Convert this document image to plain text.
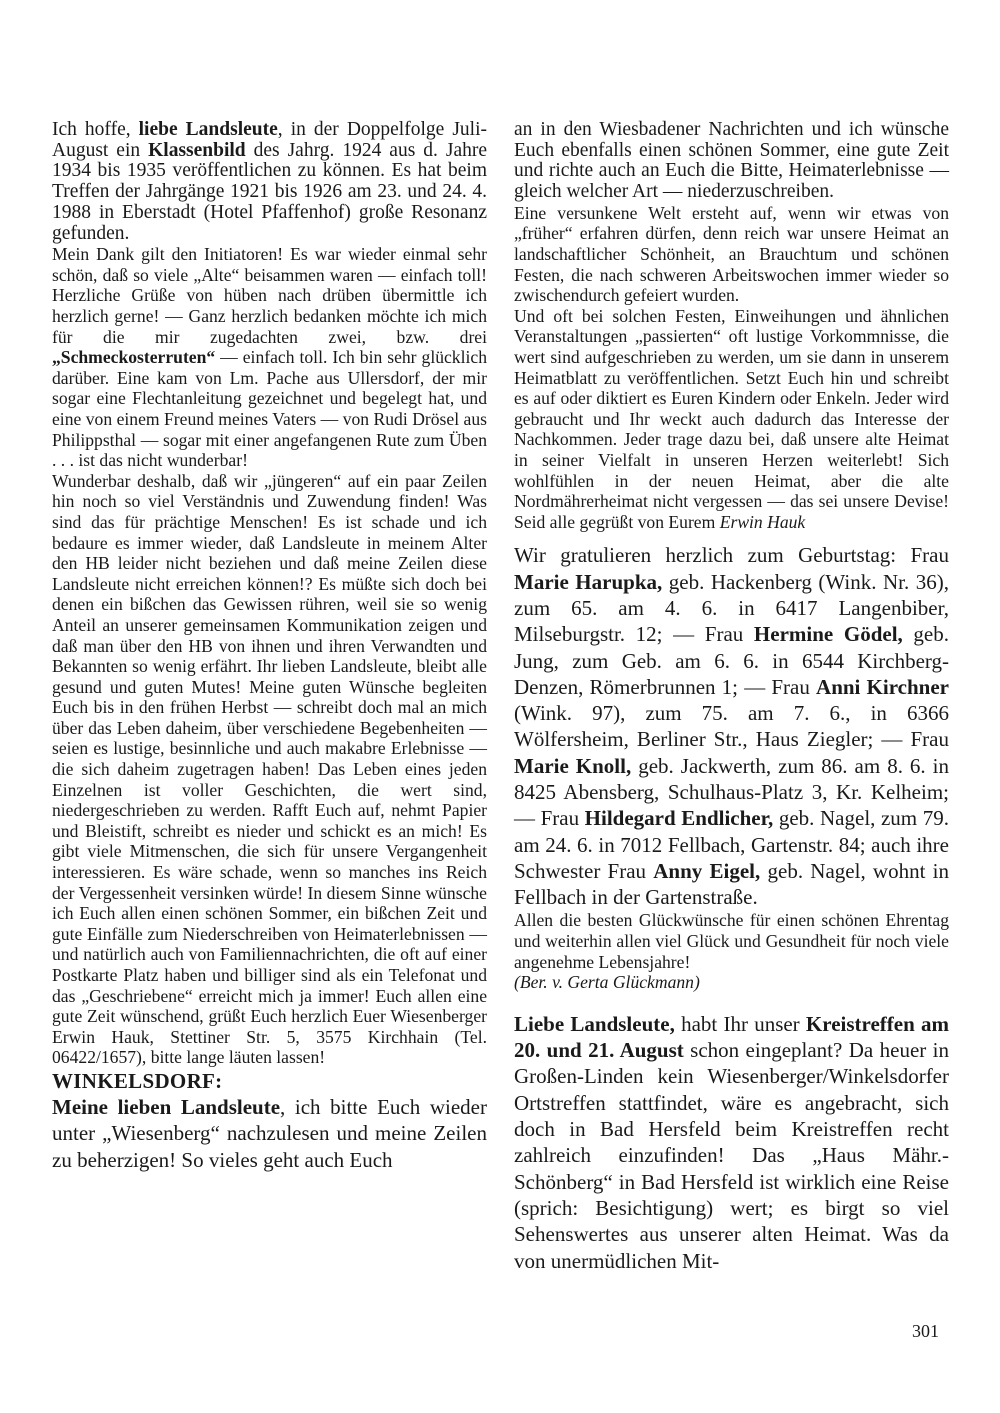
Ich hoffe, liebe Landsleute, in der Doppelfolge Juli-August ein Klassenbild des Jahrg. 1924 aus d. Jahre 1934 bis 1935 veröffentlichen zu können. Es hat beim Treffen der Jahrgänge 1921 bis 1926 am 23. und 24. 4. 1988 in Eberstadt (Hotel Pfaffenhof) große Resonanz gefunden.

Mein Dank gilt den Initiatoren! Es war wieder einmal sehr schön, daß so viele „Alte“ beisammen waren — einfach toll! Herzliche Grüße von hüben nach drüben übermittle ich herzlich gerne! — Ganz herzlich bedanken möchte ich mich für die mir zugedachten zwei, bzw. drei „Schmeckosterruten“ — einfach toll. Ich bin sehr glücklich darüber. Eine kam von Lm. Pache aus Ullersdorf, der mir sogar eine Flechtanleitung gezeichnet und begelegt hat, und eine von einem Freund meines Vaters — von Rudi Drösel aus Philippsthal — sogar mit einer angefangenen Rute zum Üben . . . ist das nicht wunderbar!

Wunderbar deshalb, daß wir „jüngeren“ auf ein paar Zeilen hin noch so viel Verständnis und Zuwendung finden! Was sind das für prächtige Menschen! Es ist schade und ich bedaure es immer wieder, daß Landsleute in meinem Alter den HB leider nicht beziehen und daß meine Zeilen diese Landsleute nicht erreichen können!? Es müßte sich doch bei denen ein bißchen das Gewissen rühren, weil sie so wenig Anteil an unserer gemeinsamen Kommunikation zeigen und daß man über den HB von ihnen und ihren Verwandten und Bekannten so wenig erfährt. Ihr lieben Landsleute, bleibt alle gesund und guten Mutes! Meine guten Wünsche begleiten Euch bis in den frühen Herbst — schreibt doch mal an mich über das Leben daheim, über verschiedene Begebenheiten — seien es lustige, besinnliche und auch makabre Erlebnisse — die sich daheim zugetragen haben! Das Leben eines jeden Einzelnen ist voller Geschichten, die wert sind, niedergeschrieben zu werden. Rafft Euch auf, nehmt Papier und Bleistift, schreibt es nieder und schickt es an mich! Es gibt viele Mitmenschen, die sich für unsere Vergangenheit interessieren. Es wäre schade, wenn so manches ins Reich der Vergessenheit versinken würde! In diesem Sinne wünsche ich Euch allen einen schönen Sommer, ein bißchen Zeit und gute Einfälle zum Niederschreiben von Heimaterlebnissen — und natürlich auch von Familiennachrichten, die oft auf einer Postkarte Platz haben und billiger sind als ein Telefonat und das „Geschriebene“ erreicht mich ja immer! Euch allen eine gute Zeit wünschend, grüßt Euch herzlich Euer Wiesenberger Erwin Hauk, Stettiner Str. 5, 3575 Kirchhain (Tel. 06422/1657), bitte lange läuten lassen!

WINKELSDORF:

Meine lieben Landsleute, ich bitte Euch wieder unter „Wiesenberg“ nachzulesen und meine Zeilen zu beherzigen! So vieles geht auch Euch

an in den Wiesbadener Nachrichten und ich wünsche Euch ebenfalls einen schönen Sommer, eine gute Zeit und richte auch an Euch die Bitte, Heimaterlebnisse — gleich welcher Art — niederzuschreiben.

Eine versunkene Welt ersteht auf, wenn wir etwas von „früher“ erfahren dürfen, denn reich war unsere Heimat an landschaftlicher Schönheit, an Brauchtum und schönen Festen, die nach schweren Arbeitswochen immer wieder so zwischendurch gefeiert wurden.

Und oft bei solchen Festen, Einweihungen und ähnlichen Veranstaltungen „passierten“ oft lustige Vorkommnisse, die wert sind aufgeschrieben zu werden, um sie dann in unserem Heimatblatt zu veröffentlichen. Setzt Euch hin und schreibt es auf oder diktiert es Euren Kindern oder Enkeln. Jeder wird gebraucht und Ihr weckt auch dadurch das Interesse der Nachkommen. Jeder trage dazu bei, daß unsere alte Heimat in seiner Vielfalt in unseren Herzen weiterlebt! Sich wohlfühlen in der neuen Heimat, aber die alte Nordmährerheimat nicht vergessen — das sei unsere Devise! Seid alle gegrüßt von Eurem Erwin Hauk

Wir gratulieren herzlich zum Geburtstag: Frau Marie Harupka, geb. Hackenberg (Wink. Nr. 36), zum 65. am 4. 6. in 6417 Langenbiber, Milseburgstr. 12; — Frau Hermine Gödel, geb. Jung, zum Geb. am 6. 6. in 6544 Kirchberg-Denzen, Römerbrunnen 1; — Frau Anni Kirchner (Wink. 97), zum 75. am 7. 6., in 6366 Wölfersheim, Berliner Str., Haus Ziegler; — Frau Marie Knoll, geb. Jackwerth, zum 86. am 8. 6. in 8425 Abensberg, Schulhaus-Platz 3, Kr. Kelheim; — Frau Hildegard Endlicher, geb. Nagel, zum 79. am 24. 6. in 7012 Fellbach, Gartenstr. 84; auch ihre Schwester Frau Anny Eigel, geb. Nagel, wohnt in Fellbach in der Gartenstraße.

Allen die besten Glückwünsche für einen schönen Ehrentag und weiterhin allen viel Glück und Gesundheit für noch viele angenehme Lebensjahre!
(Ber. v. Gerta Glückmann)

Liebe Landsleute, habt Ihr unser Kreistreffen am 20. und 21. August schon eingeplant? Da heuer in Großen-Linden kein Wiesenberger/Winkelsdorfer Ortstreffen stattfindet, wäre es angebracht, sich doch in Bad Hersfeld beim Kreistreffen recht zahlreich einzufinden! Das „Haus Mähr.-Schönberg“ in Bad Hersfeld ist wirklich eine Reise (sprich: Besichtigung) wert; es birgt so viel Sehenswertes aus unserer alten Heimat. Was da von unermüdlichen Mit-

301
